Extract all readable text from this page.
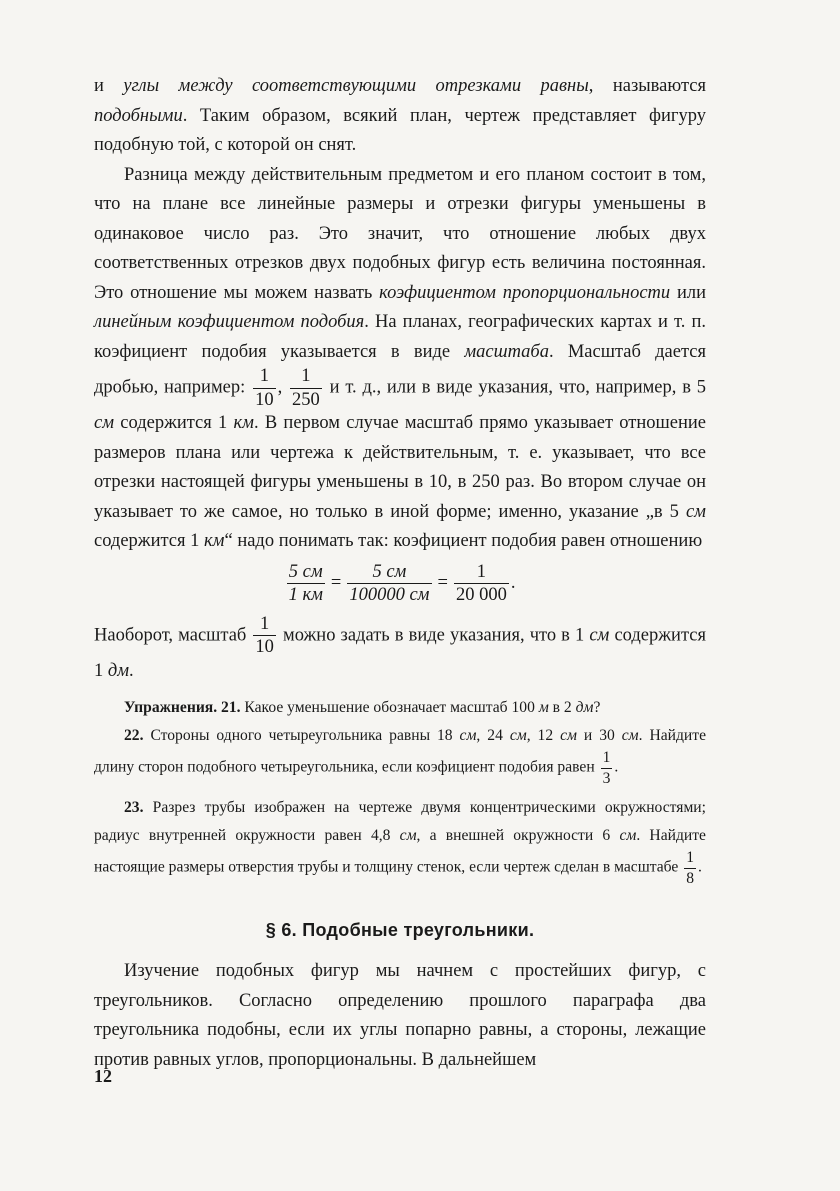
и углы между соответствующими отрезками равны, называются подобными. Таким образом, всякий план, чертеж представляет фигуру подобную той, с которой он снят.

Разница между действительным предметом и его планом состоит в том, что на плане все линейные размеры и отрезки фигуры уменьшены в одинаковое число раз. Это значит, что отношение любых двух соответственных отрезков двух подобных фигур есть величина постоянная. Это отношение мы можем назвать коэфициентом пропорциональности или линейным коэфициентом подобия. На планах, географических картах и т. п. коэфициент подобия указывается в виде масштаба. Масштаб дается дробью, например: $\frac{1}{10}$ , $\frac{1}{250}$ и т. д., или в виде указания, что, например, в 5 см содержится 1 км. В первом случае масштаб прямо указывает отношение размеров плана или чертежа к действительным, т. е. указывает, что все отрезки настоящей фигуры уменьшены в 10, в 250 раз. Во втором случае он указывает то же самое, но только в иной форме; именно, указание „в 5 см содержится 1 км“ надо понимать так: коэфициент подобия равен отношению

$\frac{5 см}{1 км} = \frac{5 см}{100000 см} = \frac{1}{20 000}$ .

Наоборот, масштаб $\frac{1}{10}$ можно задать в виде указания, что в 1 см содержится 1 дм.

Упражнения. 21. Какое уменьшение обозначает масштаб 100 м в 2 дм?

22. Стороны одного четыреугольника равны 18 см, 24 см, 12 см и 30 см. Найдите длину сторон подобного четыреугольника, если коэфициент подобия равен $\frac{1}{3}$ .

23. Разрез трубы изображен на чертеже двумя концентрическими окружностями; радиус внутренней окружности равен 4,8 см, а внешней окружности 6 см. Найдите настоящие размеры отверстия трубы и толщину стенок, если чертеж сделан в масштабе $\frac{1}{8}$ .

§ 6. Подобные треугольники.

Изучение подобных фигур мы начнем с простейших фигур, с треугольников. Согласно определению прошлого параграфа два треугольника подобны, если их углы попарно равны, а стороны, лежащие против равных углов, пропорциональны. В дальнейшем

12
